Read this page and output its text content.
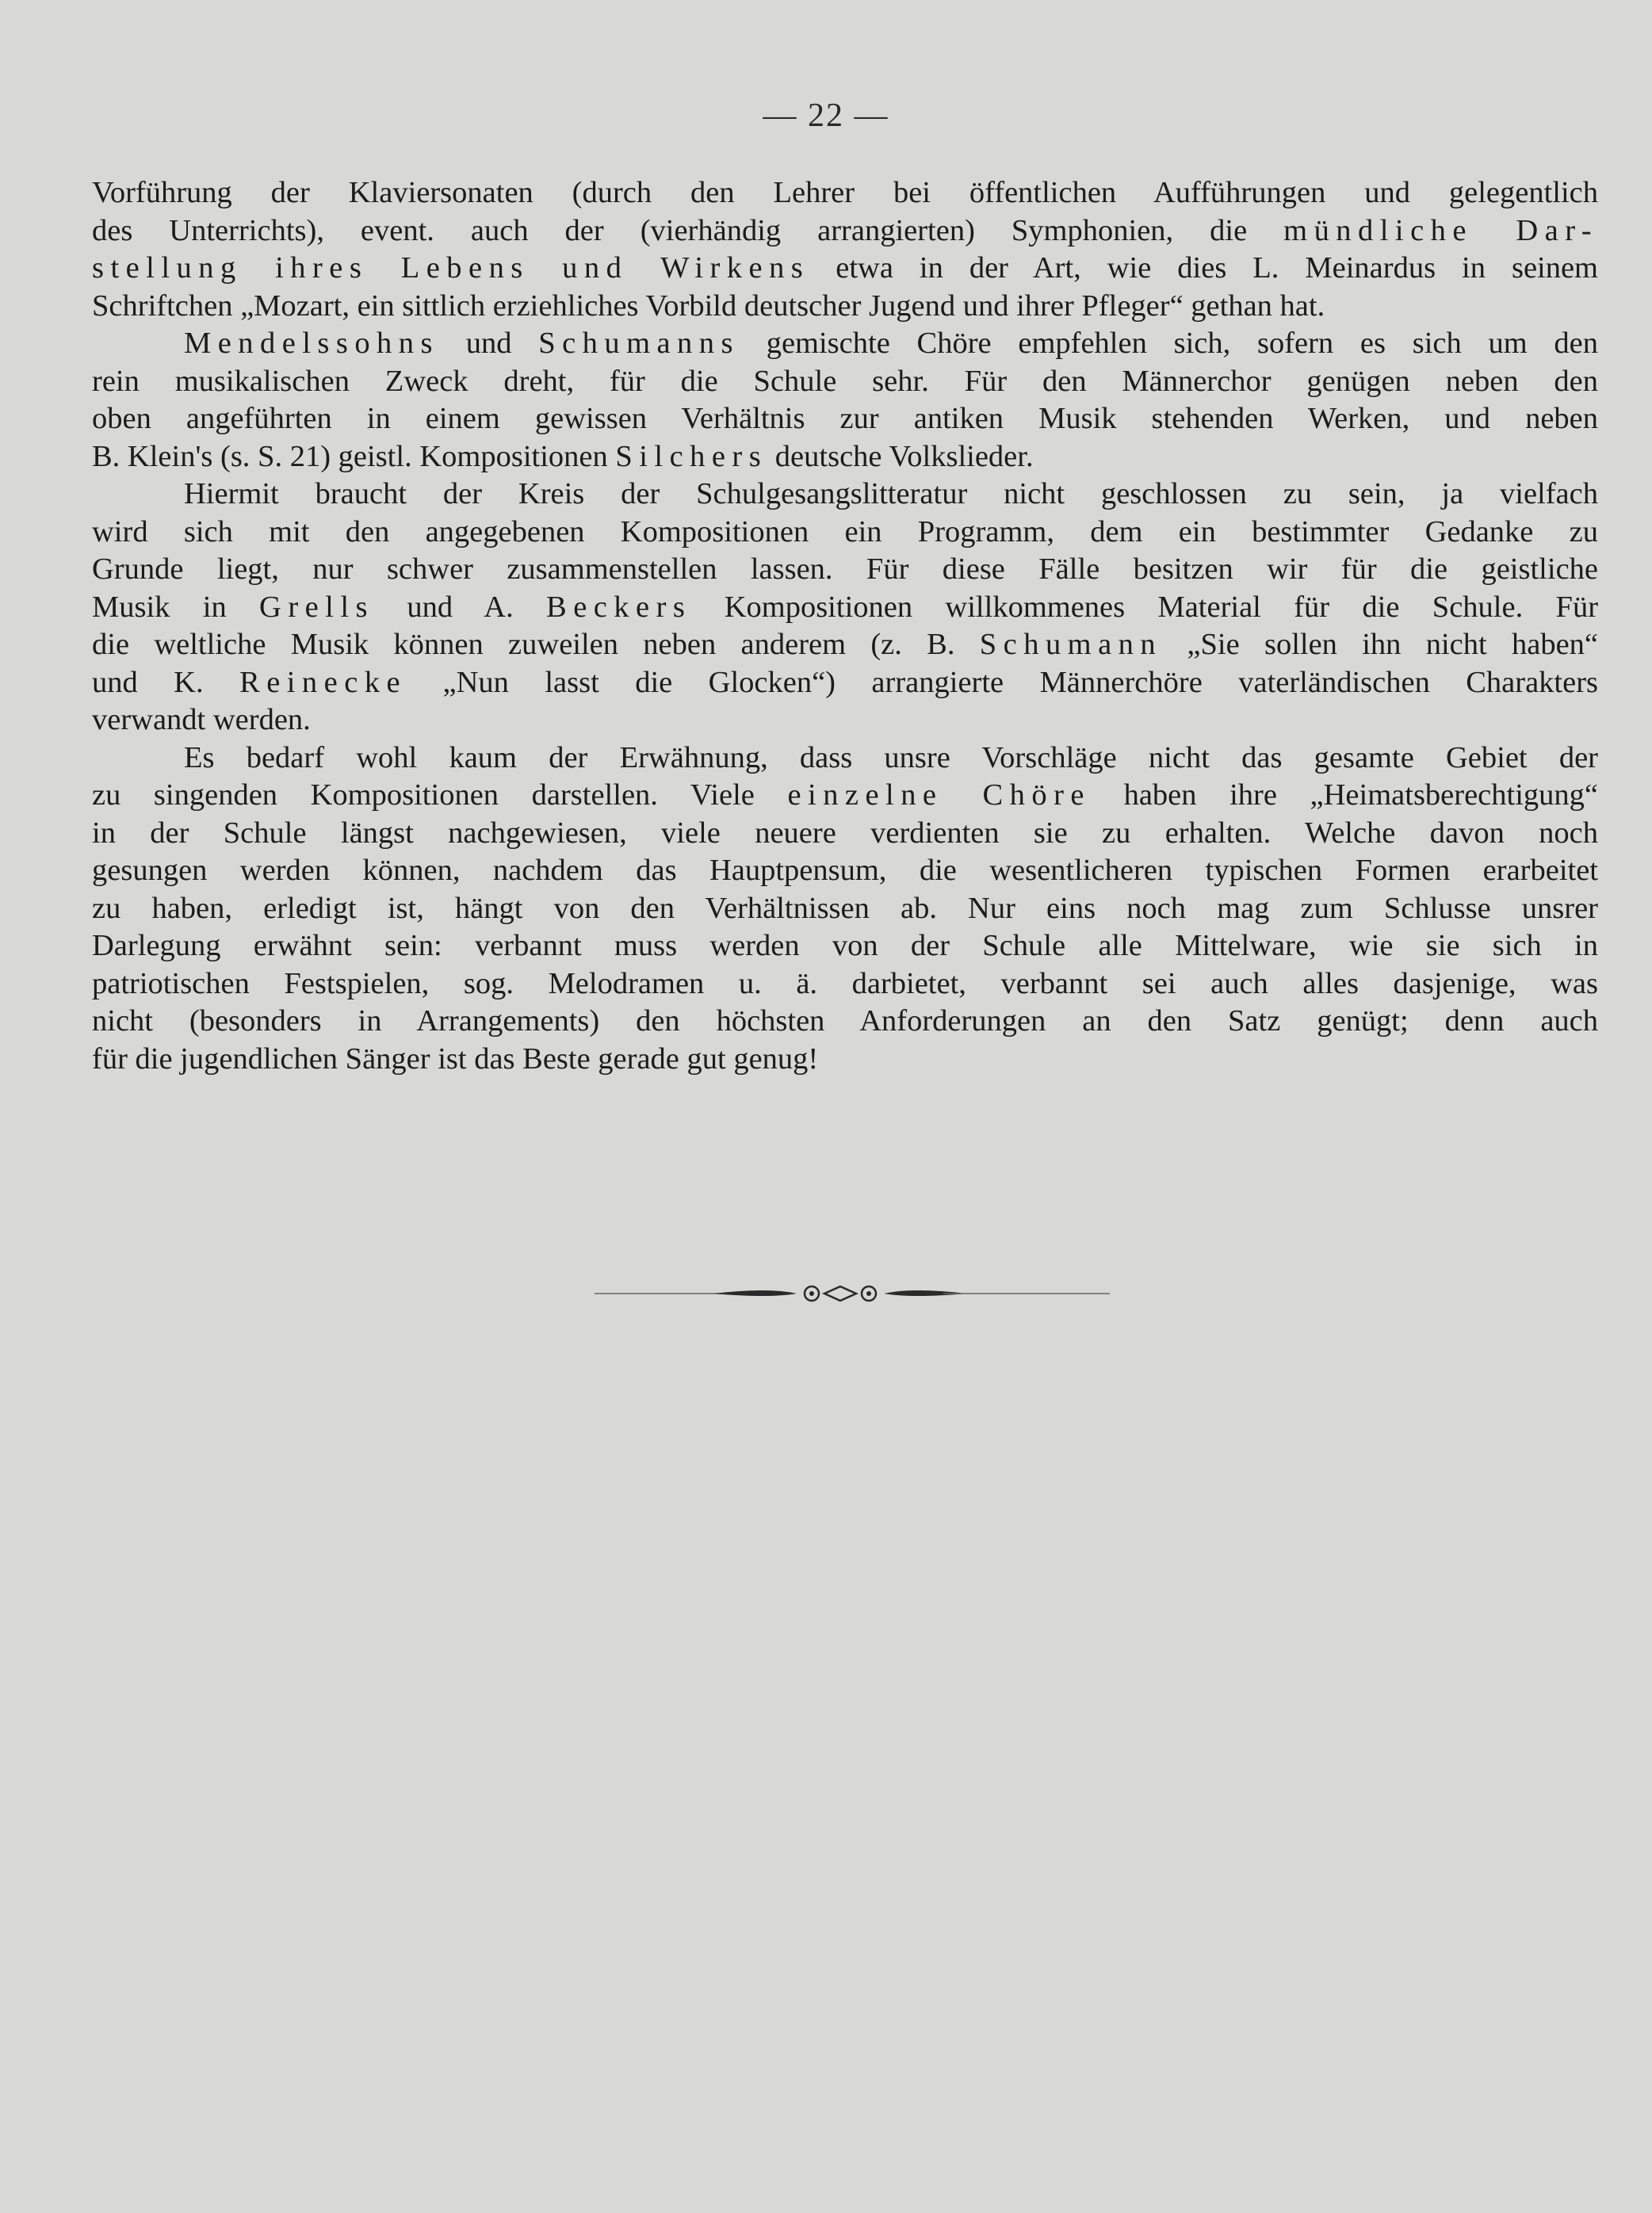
— 22 —
Vorführung der Klaviersonaten (durch den Lehrer bei öffentlichen Aufführungen und gelegentlich
des Unterrichts), event. auch der (vierhändig arrangierten) Symphonien, die mündliche Dar-
stellung ihres Lebens und Wirkens etwa in der Art, wie dies L. Meinardus in seinem
Schriftchen „Mozart, ein sittlich erziehliches Vorbild deutscher Jugend und ihrer Pfleger“ gethan hat.
Mendelssohns und Schumanns gemischte Chöre empfehlen sich, sofern es sich um den
rein musikalischen Zweck dreht, für die Schule sehr. Für den Männerchor genügen neben den
oben angeführten in einem gewissen Verhältnis zur antiken Musik stehenden Werken, und neben
B. Klein's (s. S. 21) geistl. Kompositionen Silchers deutsche Volkslieder.
Hiermit braucht der Kreis der Schulgesangslitteratur nicht geschlossen zu sein, ja vielfach
wird sich mit den angegebenen Kompositionen ein Programm, dem ein bestimmter Gedanke zu
Grunde liegt, nur schwer zusammenstellen lassen. Für diese Fälle besitzen wir für die geistliche
Musik in Grells und A. Beckers Kompositionen willkommenes Material für die Schule. Für
die weltliche Musik können zuweilen neben anderem (z. B. Schumann „Sie sollen ihn nicht haben“
und K. Reinecke „Nun lasst die Glocken“) arrangierte Männerchöre vaterländischen Charakters
verwandt werden.
Es bedarf wohl kaum der Erwähnung, dass unsre Vorschläge nicht das gesamte Gebiet der
zu singenden Kompositionen darstellen. Viele einzelne Chöre haben ihre „Heimatsberechtigung“
in der Schule längst nachgewiesen, viele neuere verdienten sie zu erhalten. Welche davon noch
gesungen werden können, nachdem das Hauptpensum, die wesentlicheren typischen Formen erarbeitet
zu haben, erledigt ist, hängt von den Verhältnissen ab. Nur eins noch mag zum Schlusse unsrer
Darlegung erwähnt sein: verbannt muss werden von der Schule alle Mittelware, wie sie sich in
patriotischen Festspielen, sog. Melodramen u. ä. darbietet, verbannt sei auch alles dasjenige, was
nicht (besonders in Arrangements) den höchsten Anforderungen an den Satz genügt; denn auch
für die jugendlichen Sänger ist das Beste gerade gut genug!
